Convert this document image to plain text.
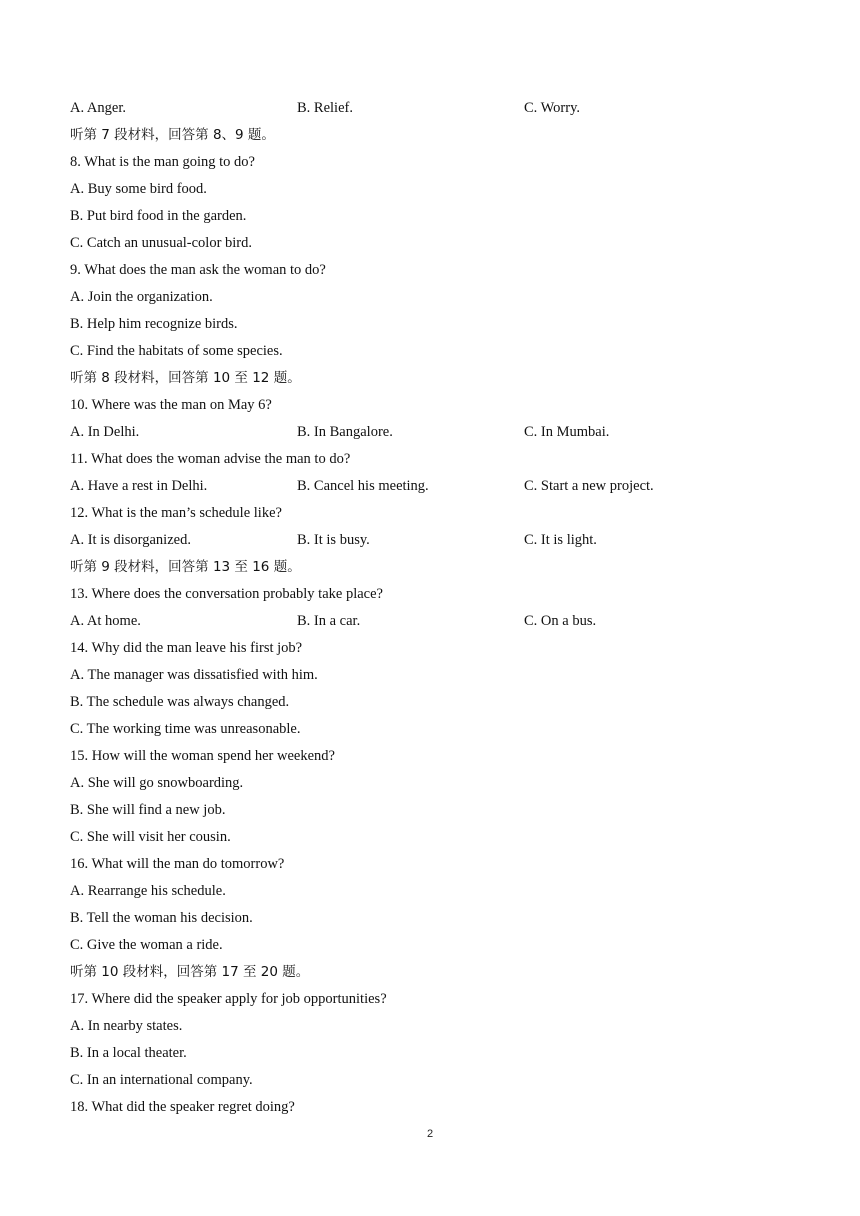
A. Anger.	B. Relief.	C. Worry.
听第 7 段材料，回答第 8、9 题。
8. What is the man going to do?
A. Buy some bird food.
B. Put bird food in the garden.
C. Catch an unusual-color bird.
9. What does the man ask the woman to do?
A. Join the organization.
B. Help him recognize birds.
C. Find the habitats of some species.
听第 8 段材料，回答第 10 至 12 题。
10. Where was the man on May 6?
A. In Delhi.	B. In Bangalore.	C. In Mumbai.
11. What does the woman advise the man to do?
A. Have a rest in Delhi.	B. Cancel his meeting.	C. Start a new project.
12. What is the man’s schedule like?
A. It is disorganized.	B. It is busy.	C. It is light.
听第 9 段材料，回答第 13 至 16 题。
13. Where does the conversation probably take place?
A. At home.	B. In a car.	C. On a bus.
14. Why did the man leave his first job?
A. The manager was dissatisfied with him.
B. The schedule was always changed.
C. The working time was unreasonable.
15. How will the woman spend her weekend?
A. She will go snowboarding.
B. She will find a new job.
C. She will visit her cousin.
16. What will the man do tomorrow?
A. Rearrange his schedule.
B. Tell the woman his decision.
C. Give the woman a ride.
听第 10 段材料，回答第 17 至 20 题。
17. Where did the speaker apply for job opportunities?
A. In nearby states.
B. In a local theater.
C. In an international company.
18. What did the speaker regret doing?
2
